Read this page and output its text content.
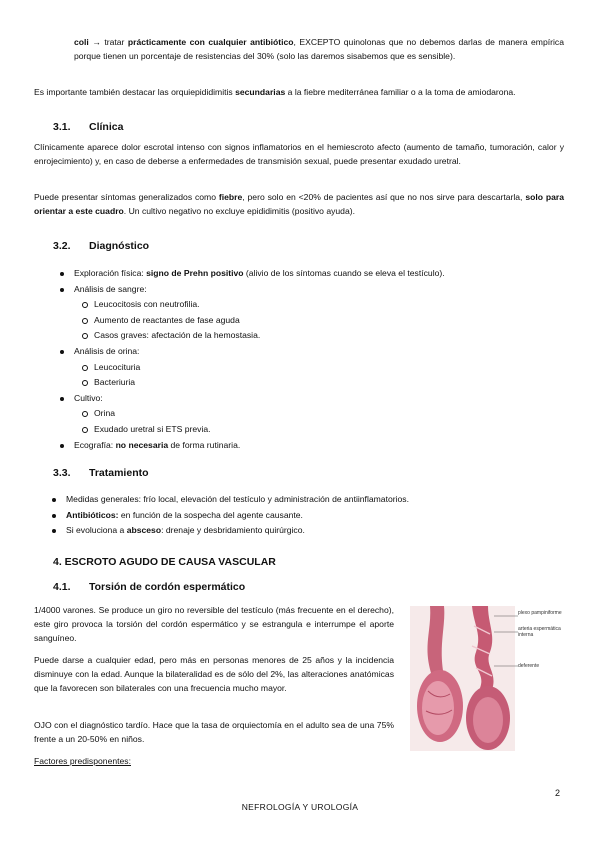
coli → tratar prácticamente con cualquier antibiótico, EXCEPTO quinolonas que no debemos darlas de manera empírica porque tienen un porcentaje de resistencias del 30% (solo las daremos sisabemos que es sensible).

Es importante también destacar las orquiepididimitis secundarias a la fiebre mediterránea familiar o a la toma de amiodarona.

3.1. Clínica

Clínicamente aparece dolor escrotal intenso con signos inflamatorios en el hemiescroto afecto (aumento de tamaño, tumoración, calor y enrojecimiento) y, en caso de deberse a enfermedades de transmisión sexual, puede presentar exudado uretral.

Puede presentar síntomas generalizados como fiebre, pero solo en <20% de pacientes así que no nos sirve para descartarla, solo para orientar a este cuadro. Un cultivo negativo no excluye epididimitis (positivo ayuda).

3.2. Diagnóstico
Exploración física: signo de Prehn positivo (alivio de los síntomas cuando se eleva el testículo).
Análisis de sangre:
Leucocitosis con neutrofilia.
Aumento de reactantes de fase aguda
Casos graves: afectación de la hemostasia.
Análisis de orina:
Leucocituria
Bacteriuria
Cultivo:
Orina
Exudado uretral si ETS previa.
Ecografía: no necesaria de forma rutinaria.
3.3. Tratamiento
Medidas generales: frío local, elevación del testículo y administración de antiinflamatorios.
Antibióticos: en función de la sospecha del agente causante.
Si evoluciona a absceso: drenaje y desbridamiento quirúrgico.
4. ESCROTO AGUDO DE CAUSA VASCULAR
4.1. Torsión de cordón espermático

1/4000 varones. Se produce un giro no reversible del testículo (más frecuente en el derecho), este giro provoca la torsión del cordón espermático y se estrangula e interrumpe el aporte sanguíneo.

Puede darse a cualquier edad, pero más en personas menores de 25 años y la incidencia disminuye con la edad. Aunque la bilateralidad es de sólo del 2%, las alteraciones anatómicas que la favorecen son bilaterales con una frecuencia mucho mayor.

OJO con el diagnóstico tardío. Hace que la tasa de orquiectomía en el adulto sea de una 75% frente a un 20-50% en niños.

Factores predisponentes:

plexo pampiniforme
arteria espermática interna
deferente
2
NEFROLOGÍA Y UROLOGÍA
